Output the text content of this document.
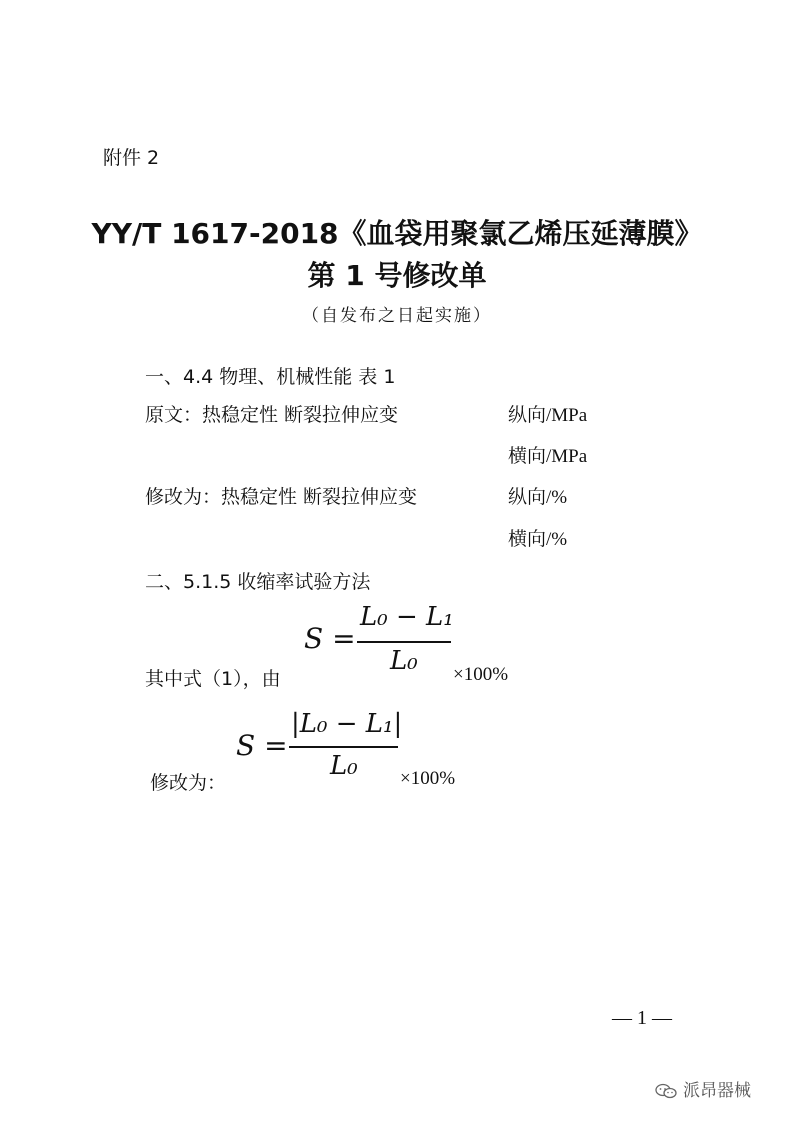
附件 2
YY/T 1617-2018《血袋用聚氯乙烯压延薄膜》
第 1 号修改单
（自发布之日起实施）
一、4.4 物理、机械性能 表 1
原文：热稳定性 断裂拉伸应变	纵向/MPa
横向/MPa
修改为：热稳定性 断裂拉伸应变	纵向/%
横向/%
二、5.1.5 收缩率试验方法
其中式（1），由
S =
L₀ − L₁
L₀ ×100%
修改为：
S =
|L₀ − L₁|
L₀ ×100%
— 1 —
派昂器械
